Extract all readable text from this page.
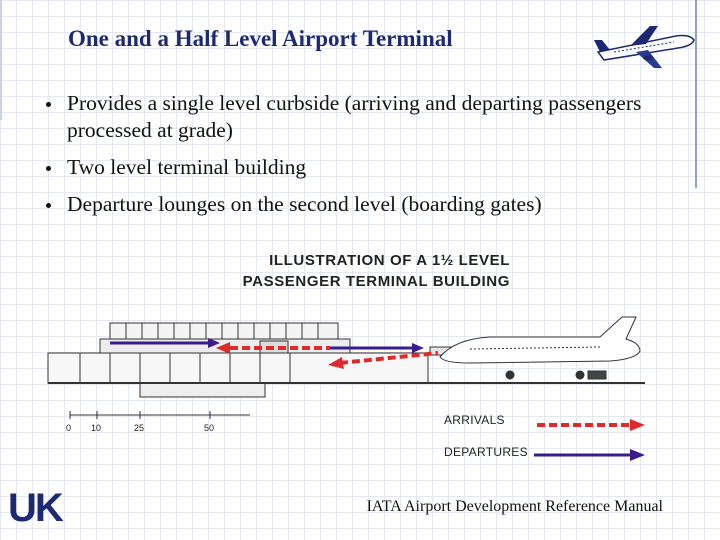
One and a Half Level Airport Terminal
Provides a single level curbside (arriving and departing passengers processed at grade)
Two level terminal building
Departure lounges on the second level (boarding gates)
ILLUSTRATION OF A 1½ LEVEL
PASSENGER TERMINAL BUILDING
0 10	25	50
ARRIVALS
DEPARTURES
UK	IATA Airport Development Reference Manual
